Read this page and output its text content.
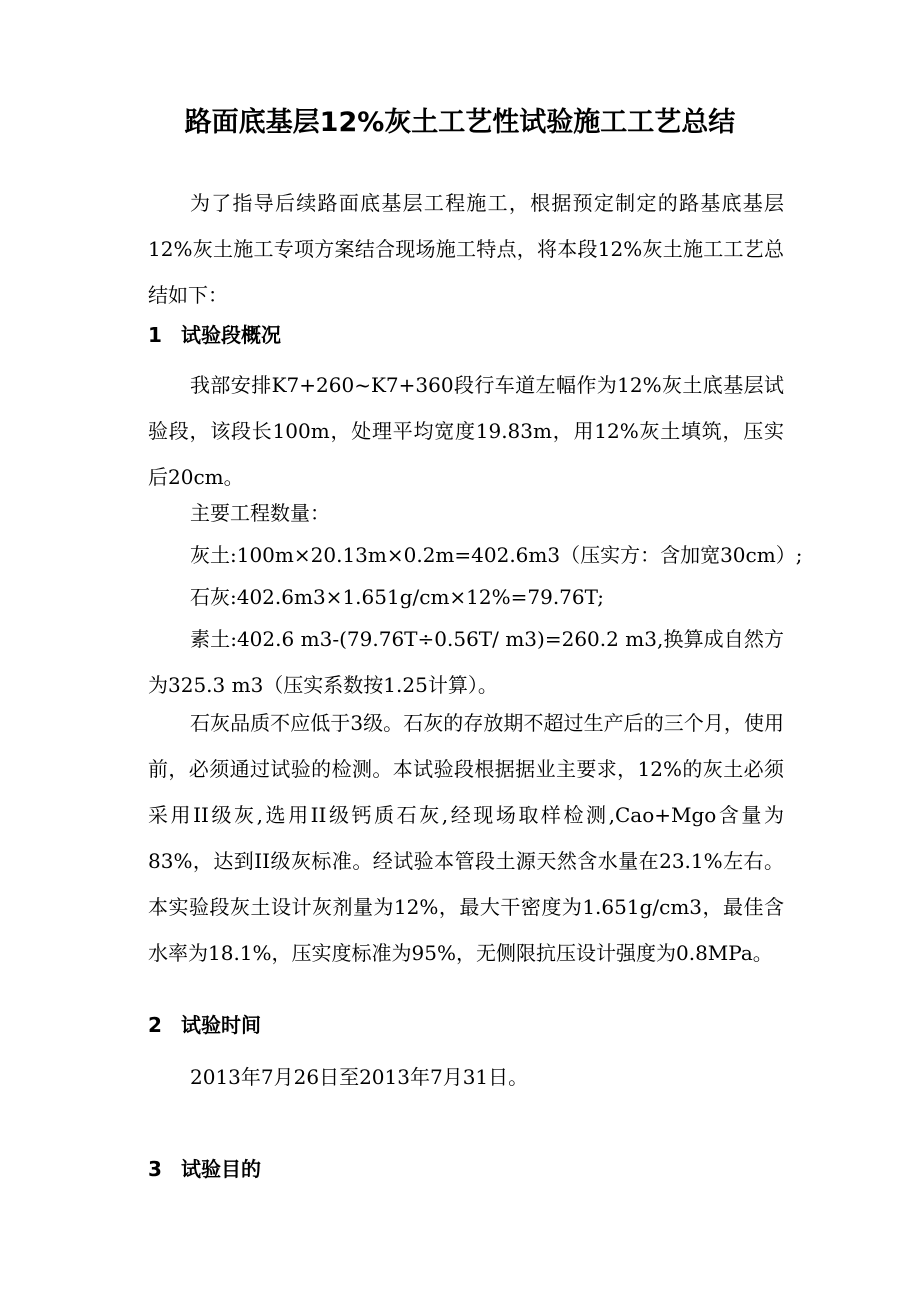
路面底基层12%灰土工艺性试验施工工艺总结

为了指导后续路面底基层工程施工，根据预定制定的路基底基层12%灰土施工专项方案结合现场施工特点，将本段12%灰土施工工艺总结如下：

1 试验段概况

我部安排K7+260~K7+360段行车道左幅作为12%灰土底基层试验段，该段长100m，处理平均宽度19.83m，用12%灰土填筑，压实后20cm。

主要工程数量：

灰土:100m×20.13m×0.2m=402.6m3（压实方：含加宽30cm）;

石灰:402.6m3×1.651g/cm×12%=79.76T;

素土:402.6 m3-(79.76T÷0.56T/ m3)=260.2 m3,换算成自然方为325.3 m3（压实系数按1.25计算）。

石灰品质不应低于3级。石灰的存放期不超过生产后的三个月，使用前，必须通过试验的检测。本试验段根据据业主要求，12%的灰土必须采用II级灰,选用II级钙质石灰,经现场取样检测,Cao+Mgo含量为83%，达到II级灰标准。经试验本管段土源天然含水量在23.1%左右。本实验段灰土设计灰剂量为12%，最大干密度为1.651g/cm3，最佳含水率为18.1%，压实度标准为95%，无侧限抗压设计强度为0.8MPa。

2 试验时间

2013年7月26日至2013年7月31日。

3 试验目的
